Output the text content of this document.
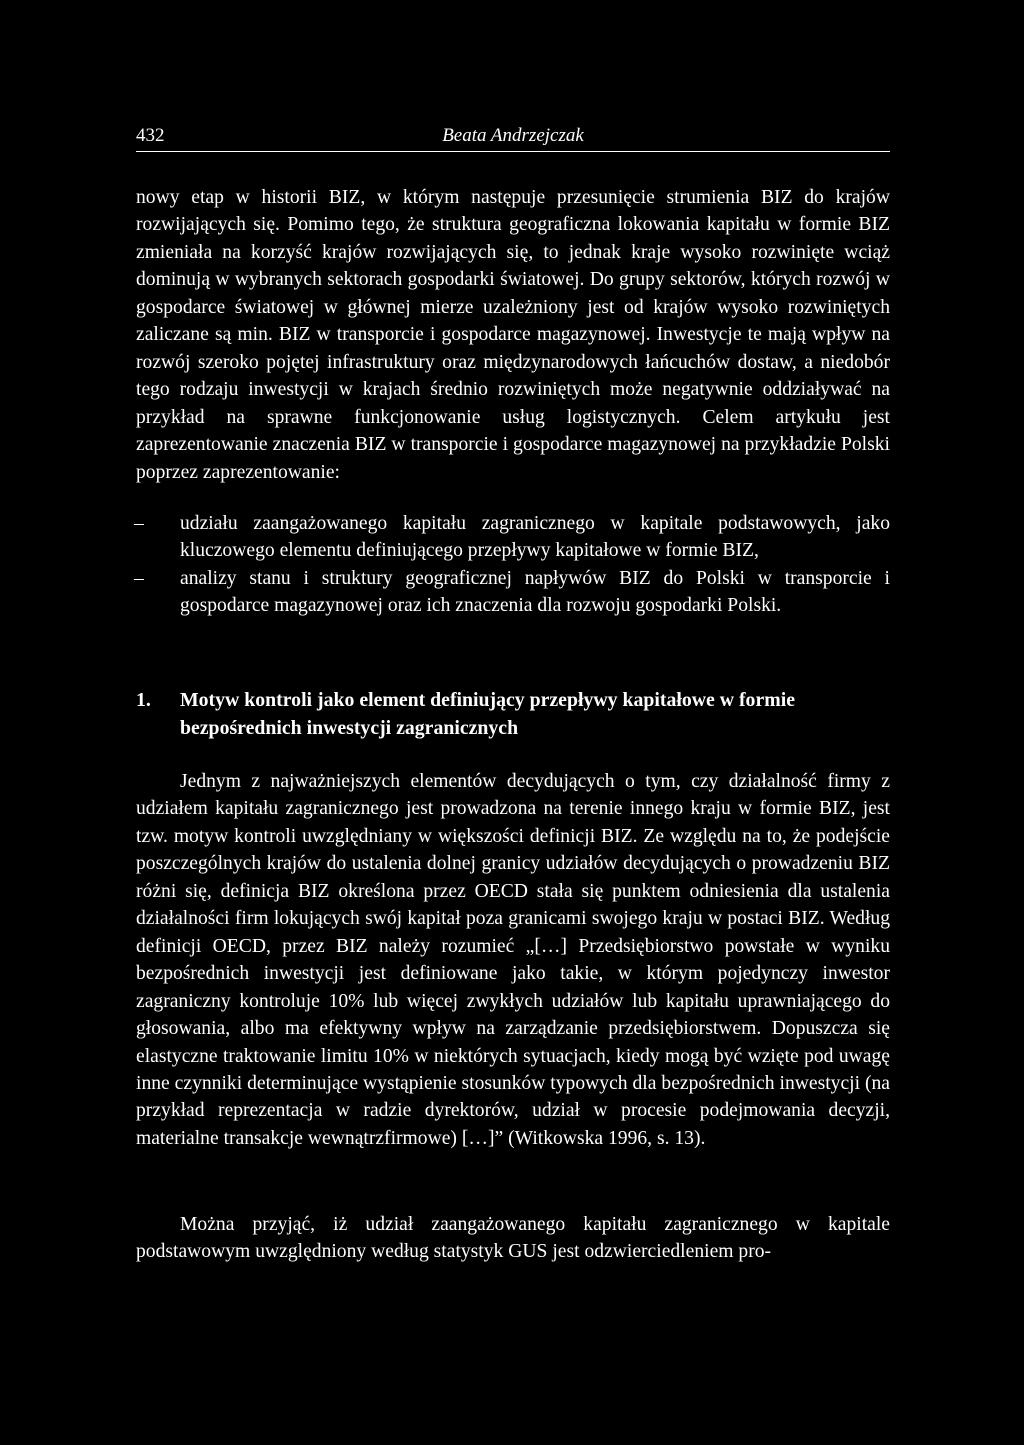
432	Beata Andrzejczak

nowy etap w historii BIZ, w którym następuje przesunięcie strumienia BIZ do krajów rozwijających się. Pomimo tego, że struktura geograficzna lokowania kapitału w formie BIZ zmieniała na korzyść krajów rozwijających się, to jednak kraje wysoko rozwinięte wciąż dominują w wybranych sektorach gospodarki światowej. Do grupy sektorów, których rozwój w gospodarce światowej w głównej mierze uzależniony jest od krajów wysoko rozwiniętych zaliczane są min. BIZ w transporcie i gospodarce magazynowej. Inwestycje te mają wpływ na rozwój szeroko pojętej infrastruktury oraz międzynarodowych łańcuchów dostaw, a niedobór tego rodzaju inwestycji w krajach średnio rozwiniętych może negatywnie oddziaływać na przykład na sprawne funkcjonowanie usług logistycznych. Celem artykułu jest zaprezentowanie znaczenia BIZ w transporcie i gospodarce magazynowej na przykładzie Polski poprzez zaprezentowanie:

– udziału zaangażowanego kapitału zagranicznego w kapitale podstawowych, jako kluczowego elementu definiującego przepływy kapitałowe w formie BIZ,
– analizy stanu i struktury geograficznej napływów BIZ do Polski w transporcie i gospodarce magazynowej oraz ich znaczenia dla rozwoju gospodarki Polski.
1.	Motyw kontroli jako element definiujący przepływy kapitałowe w formie bezpośrednich inwestycji zagranicznych

Jednym z najważniejszych elementów decydujących o tym, czy działalność firmy z udziałem kapitału zagranicznego jest prowadzona na terenie innego kraju w formie BIZ, jest tzw. motyw kontroli uwzględniany w większości definicji BIZ. Ze względu na to, że podejście poszczególnych krajów do ustalenia dolnej granicy udziałów decydujących o prowadzeniu BIZ różni się, definicja BIZ określona przez OECD stała się punktem odniesienia dla ustalenia działalności firm lokujących swój kapitał poza granicami swojego kraju w postaci BIZ. Według definicji OECD, przez BIZ należy rozumieć „[…] Przedsiębiorstwo powstałe w wyniku bezpośrednich inwestycji jest definiowane jako takie, w którym pojedynczy inwestor zagraniczny kontroluje 10% lub więcej zwykłych udziałów lub kapitału uprawniającego do głosowania, albo ma efektywny wpływ na zarządzanie przedsiębiorstwem. Dopuszcza się elastyczne traktowanie limitu 10% w niektórych sytuacjach, kiedy mogą być wzięte pod uwagę inne czynniki determinujące wystąpienie stosunków typowych dla bezpośrednich inwestycji (na przykład reprezentacja w radzie dyrektorów, udział w procesie podejmowania decyzji, materialne transakcje wewnątrzfirmowe) […]” (Witkowska 1996, s. 13).

Można przyjąć, iż udział zaangażowanego kapitału zagranicznego w kapitale podstawowym uwzględniony według statystyk GUS jest odzwierciedleniem pro-
